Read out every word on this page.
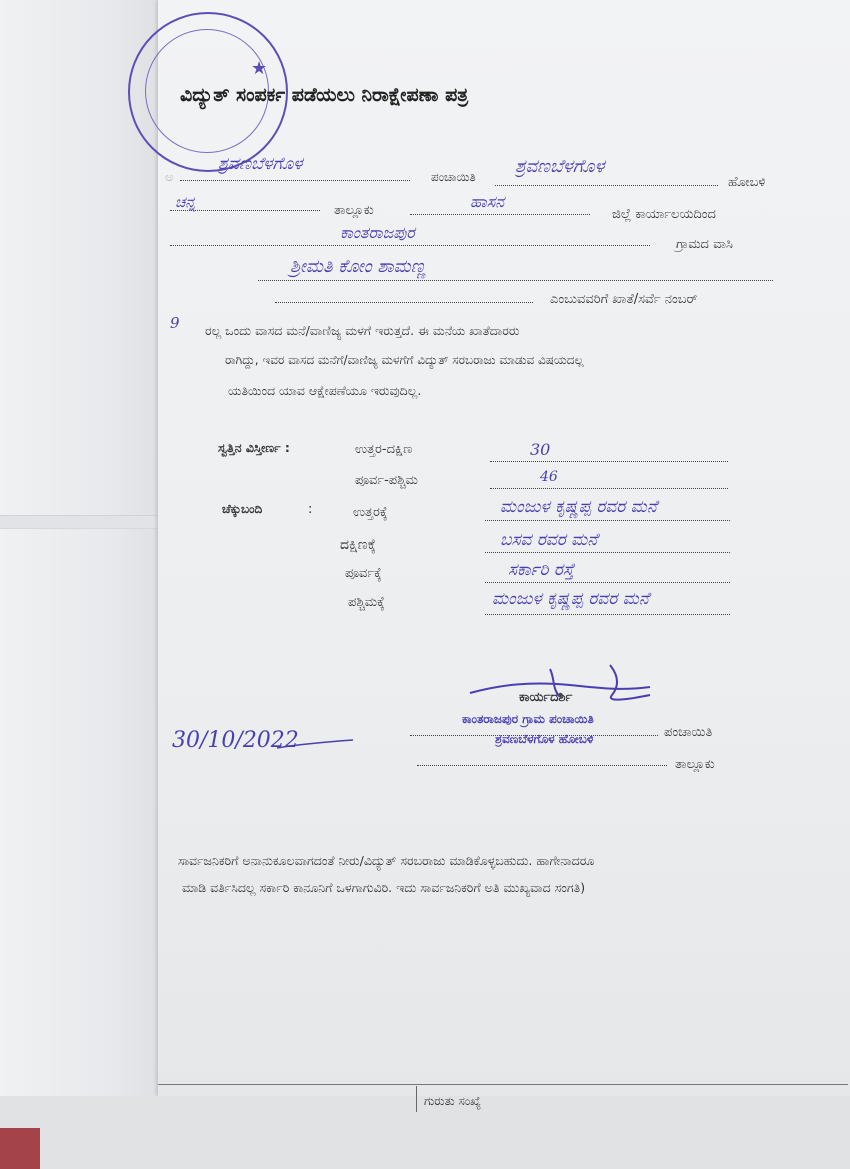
★
ವಿದ್ಯುತ್ ಸಂಪರ್ಕ ಪಡೆಯಲು ನಿರಾಕ್ಷೇಪಣಾ ಪತ್ರ
ಅ
ಶ್ರವಣಬೆಳಗೊಳ
ಪಂಚಾಯಿತಿ ಶ್ರವಣಬೆಳಗೊಳ
ಹೋಬಳಿ
ಚನ್ನ	ತಾಲ್ಲೂಕು	ಹಾಸನ
ಜಿಲ್ಲೆ ಕಾರ್ಯಾಲಯದಿಂದ
ಕಾಂತರಾಜಪುರ
ಗ್ರಾಮದ ವಾಸಿ
ಶ್ರೀಮತಿ ಕೋಂ ಶಾಮಣ್ಣ
ಎಂಬುವವರಿಗೆ ಖಾತೆ/ಸರ್ವೆ ನಂಬರ್
9 ರಲ್ಲ ಒಂದು ವಾಸದ ಮನೆ/ವಾಣಿಜ್ಯ ಮಳಗೆ ಇರುತ್ತದೆ. ಈ ಮನೆಯ ಖಾತೆದಾರರು
ರಾಗಿದ್ದು, ಇವರ ವಾಸದ ಮನೆಗೆ/ವಾಣಿಜ್ಯ ಮಳಗೆಗೆ ವಿದ್ಯುತ್ ಸರಬರಾಜು ಮಾಡುವ ವಿಷಯದಲ್ಲ
ಯತಿಯಿಂದ ಯಾವ ಆಕ್ಷೇಪಣೆಯೂ ಇರುವುದಿಲ್ಲ.
ಸ್ವತ್ತಿನ ವಿಸ್ತೀರ್ಣ :	ಉತ್ತರ-ದಕ್ಷಿಣ	30
ಪೂರ್ವ-ಪಶ್ಚಿಮ	46
ಚೆಕ್ಕುಬಂದಿ	:	ಉತ್ತರಕ್ಕೆ	ಮಂಜುಳ ಕೃಷ್ಣಪ್ಪ ರವರ ಮನೆ
ದಕ್ಷಿಣಕ್ಕೆ	ಬಸವ ರವರ ಮನೆ
ಪೂರ್ವಕ್ಕೆ	ಸರ್ಕಾರಿ ರಸ್ತೆ
ಪಶ್ಚಿಮಕ್ಕೆ	ಮಂಜುಳ ಕೃಷ್ಣಪ್ಪ ರವರ ಮನೆ
ಕಾರ್ಯದರ್ಶಿ
ಕಾಂತರಾಜಪುರ ಗ್ರಾಮ ಪಂಚಾಯಿತಿ
ಶ್ರವಣಬೆಳಗೊಳ ಹೋಬಳಿ	ಪಂಚಾಯಿತಿ
ತಾಲ್ಲೂಕು
30/10/2022
ಸಾರ್ವಜನಿಕರಿಗೆ ಅನಾನುಕೂಲವಾಗದಂತೆ ನೀರು/ವಿದ್ಯುತ್ ಸರಬರಾಜು ಮಾಡಿಕೊಳ್ಳಬಹುದು. ಹಾಗೇನಾದರೂ
ಮಾಡಿ ವರ್ತಿಸಿದಲ್ಲ ಸರ್ಕಾರಿ ಕಾನೂನಿಗೆ ಒಳಗಾಗುವಿರಿ. ಇದು ಸಾರ್ವಜನಿಕರಿಗೆ ಅತಿ ಮುಖ್ಯವಾದ ಸಂಗತಿ)
ಗುರುತು ಸಂಖ್ಯೆ
